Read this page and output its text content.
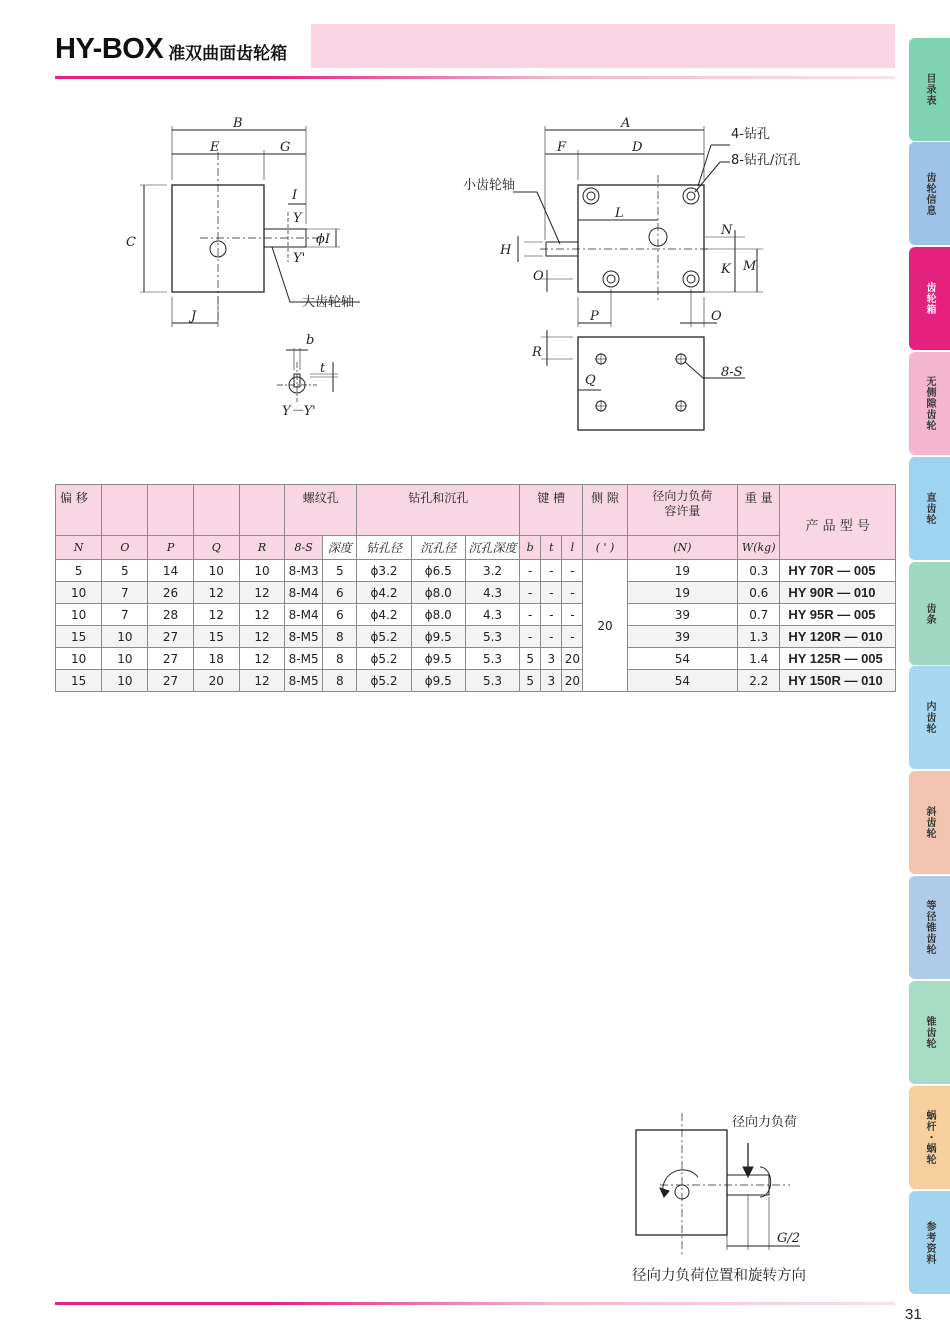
HY-BOX 准双曲面齿轮箱
目录表
齿轮信息
齿轮箱
无侧隙齿轮
直齿轮
齿条
内齿轮
斜齿轮
等径锥齿轮
锥齿轮
蜗杆・蜗轮
参考资料
B
E	G
I
C
Y
Y'
ϕI
J
大齿轮轴
b
t
Y－Y'
A
F	D
4-钻孔
8-钻孔/沉孔
小齿轮轴
L
H
N
K M
O
P	O
R
Q
8-S
偏 移					螺纹孔		钻孔和沉孔			键 槽			侧 隙	径向力负荷
容许量	重 量	产 品 型 号
N	O	P	Q	R	8-S	深度	钻孔径	沉孔径	沉孔深度	b	t	l	( ' )	(N)	W(kg)	
5	5	14	10	10	8-M3	5	ϕ3.2	ϕ6.5	3.2	-	-	-	20	19	0.3	HY 70R — 005
10	7	26	12	12	8-M4	6	ϕ4.2	ϕ8.0	4.3	-	-	-		19	0.6	HY 90R — 010
10	7	28	12	12	8-M4	6	ϕ4.2	ϕ8.0	4.3	-	-	-		39	0.7	HY 95R — 005
15	10	27	15	12	8-M5	8	ϕ5.2	ϕ9.5	5.3	-	-	-		39	1.3	HY 120R — 010
10	10	27	18	12	8-M5	8	ϕ5.2	ϕ9.5	5.3	5	3	20		54	1.4	HY 125R — 005
15	10	27	20	12	8-M5	8	ϕ5.2	ϕ9.5	5.3	5	3	20		54	2.2	HY 150R — 010
径向力负荷
G/2
径向力负荷位置和旋转方向
31
